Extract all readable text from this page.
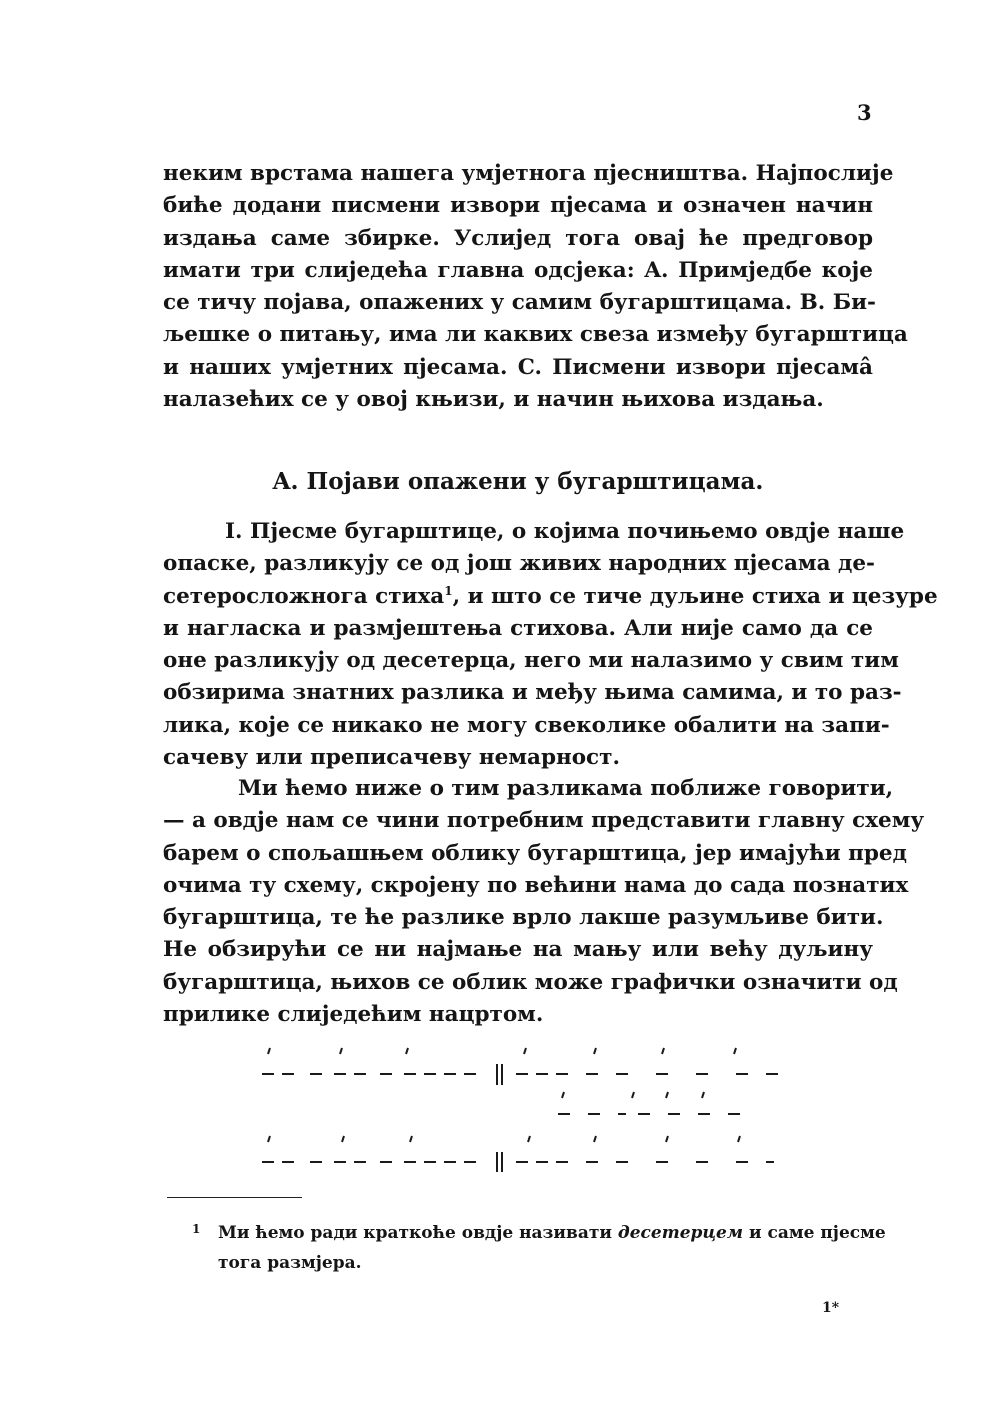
3
неким врстама нашега умјетнога пјесништва. Најпослије
биће додани писмени извори пјесама и означен начин
издања саме збирке. Услијед тога овај ће предговор
имати три слиједећа главна одсјека: A. Примједбе које
се тичу појава, опажених у самим бугарштицама. B. Би-
љешке о питању, има ли каквих свеза између бугарштица
и наших умјетних пјесама. C. Писмени извори пјесама̂
налазећих се у овој књизи, и начин њихова издања.
A. Појави опажени у бугарштицама.
I. Пјесме бугарштице, о којима почињемо овдје наше
опаске, разликују се од још живих народних пјесама де-
сетеросложнога стиха$^1$, и што се тиче дуљине стиха и цезуре
и нагласка и размјештења стихова. Али није само да се
оне разликују од десетерца, него ми налазимо у свим тим
обзирима знатних разлика и међу њима самима, и то раз-
лика, које се никако не могу свеколике обалити на запи-
сачеву или преписачеву немарност.
Ми ћемо ниже о тим разликама поближе говорити,
— а овдје нам се чини потребним представити главну схему
барем о спољашњем облику бугарштица, јер имајући пред
очима ту схему, скројену по већини нама до сада познатих
бугарштица, те ће разлике врло лакше разумљиве бити.
Не обзирући се ни најмање на мању или већу дуљину
бугарштица, њихов се облик може графички означити од
прилике слиједећим нацртом.
1	Ми ћемо ради краткоће овдје називати десетерцем и саме пјесме
тога размјера.
1*
